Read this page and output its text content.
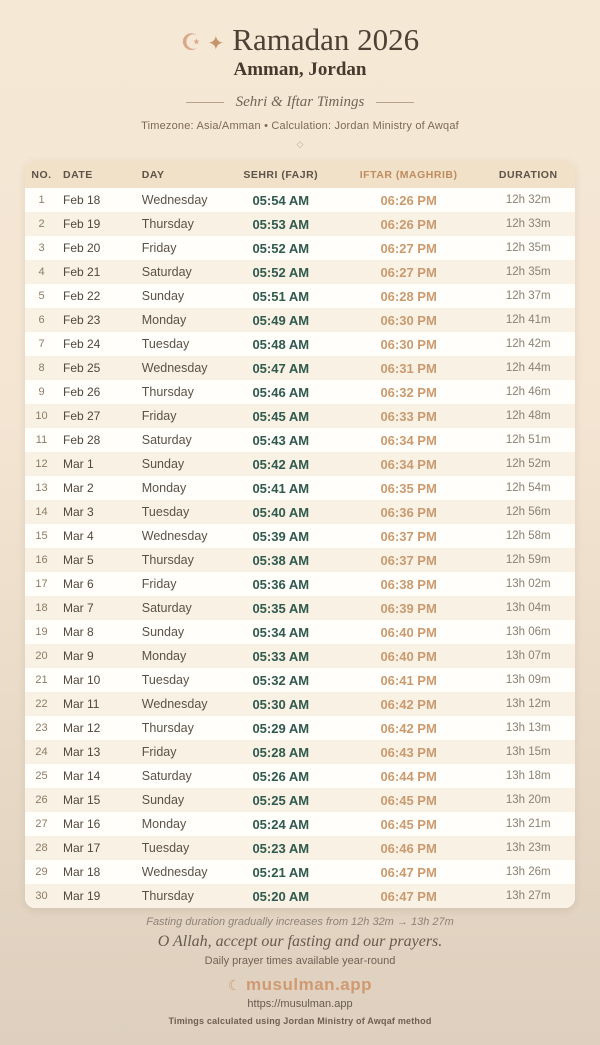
☪ ✦ Ramadan 2026
Amman, Jordan
Sehri & Iftar Timings
Timezone: Asia/Amman • Calculation: Jordan Ministry of Awqaf
◇
NO.	DATE	DAY	SEHRI (FAJR)	IFTAR (MAGHRIB)	DURATION
1	Feb 18	Wednesday	05:54 AM	06:26 PM	12h 32m
2	Feb 19	Thursday	05:53 AM	06:26 PM	12h 33m
3	Feb 20	Friday	05:52 AM	06:27 PM	12h 35m
4	Feb 21	Saturday	05:52 AM	06:27 PM	12h 35m
5	Feb 22	Sunday	05:51 AM	06:28 PM	12h 37m
6	Feb 23	Monday	05:49 AM	06:30 PM	12h 41m
7	Feb 24	Tuesday	05:48 AM	06:30 PM	12h 42m
8	Feb 25	Wednesday	05:47 AM	06:31 PM	12h 44m
9	Feb 26	Thursday	05:46 AM	06:32 PM	12h 46m
10	Feb 27	Friday	05:45 AM	06:33 PM	12h 48m
11	Feb 28	Saturday	05:43 AM	06:34 PM	12h 51m
12	Mar 1	Sunday	05:42 AM	06:34 PM	12h 52m
13	Mar 2	Monday	05:41 AM	06:35 PM	12h 54m
14	Mar 3	Tuesday	05:40 AM	06:36 PM	12h 56m
15	Mar 4	Wednesday	05:39 AM	06:37 PM	12h 58m
16	Mar 5	Thursday	05:38 AM	06:37 PM	12h 59m
17	Mar 6	Friday	05:36 AM	06:38 PM	13h 02m
18	Mar 7	Saturday	05:35 AM	06:39 PM	13h 04m
19	Mar 8	Sunday	05:34 AM	06:40 PM	13h 06m
20	Mar 9	Monday	05:33 AM	06:40 PM	13h 07m
21	Mar 10	Tuesday	05:32 AM	06:41 PM	13h 09m
22	Mar 11	Wednesday	05:30 AM	06:42 PM	13h 12m
23	Mar 12	Thursday	05:29 AM	06:42 PM	13h 13m
24	Mar 13	Friday	05:28 AM	06:43 PM	13h 15m
25	Mar 14	Saturday	05:26 AM	06:44 PM	13h 18m
26	Mar 15	Sunday	05:25 AM	06:45 PM	13h 20m
27	Mar 16	Monday	05:24 AM	06:45 PM	13h 21m
28	Mar 17	Tuesday	05:23 AM	06:46 PM	13h 23m
29	Mar 18	Wednesday	05:21 AM	06:47 PM	13h 26m
30	Mar 19	Thursday	05:20 AM	06:47 PM	13h 27m
Fasting duration gradually increases from 12h 32m → 13h 27m
O Allah, accept our fasting and our prayers.
Daily prayer times available year-round
☾ musulman.app
https://musulman.app
Timings calculated using Jordan Ministry of Awqaf method
